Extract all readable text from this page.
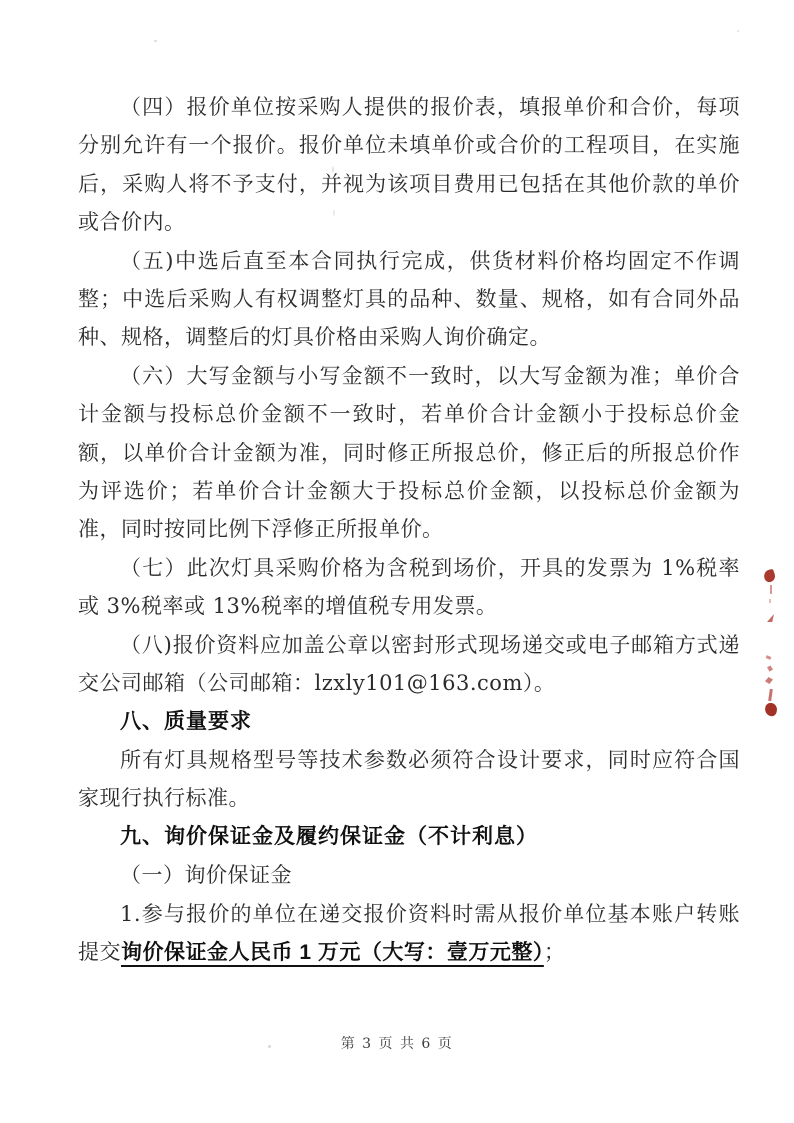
（四）报价单位按采购人提供的报价表，填报单价和合价，每项分别允许有一个报价。报价单位未填单价或合价的工程项目，在实施后，采购人将不予支付，并视为该项目费用已包括在其他价款的单价或合价内。

（五)中选后直至本合同执行完成，供货材料价格均固定不作调整；中选后采购人有权调整灯具的品种、数量、规格，如有合同外品种、规格，调整后的灯具价格由采购人询价确定。

（六）大写金额与小写金额不一致时，以大写金额为准；单价合计金额与投标总价金额不一致时，若单价合计金额小于投标总价金额，以单价合计金额为准，同时修正所报总价，修正后的所报总价作为评选价；若单价合计金额大于投标总价金额，以投标总价金额为准，同时按同比例下浮修正所报单价。

（七）此次灯具采购价格为含税到场价，开具的发票为 1%税率或 3%税率或 13%税率的增值税专用发票。

（八)报价资料应加盖公章以密封形式现场递交或电子邮箱方式递交公司邮箱（公司邮箱：lzxly101@163.com）。

八、质量要求

所有灯具规格型号等技术参数必须符合设计要求，同时应符合国家现行执行标准。

九、询价保证金及履约保证金（不计利息）

（一）询价保证金

1.参与报价的单位在递交报价资料时需从报价单位基本账户转账提交询价保证金人民币 1 万元（大写：壹万元整）；

第 3 页 共 6 页
